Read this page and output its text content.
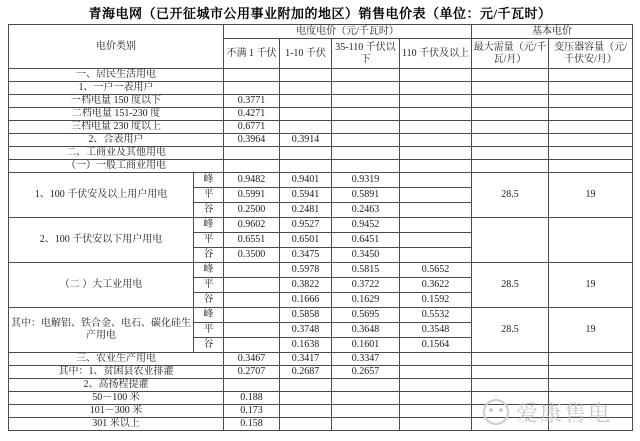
青海电网（已开征城市公用事业附加的地区）销售电价表（单位：元/千瓦时）
电价类别		电度电价（元/千瓦时）				基本电价	
		不满 1 千伏	1-10 千伏	35-110 千伏以下	110 千伏及以上	最大需量（元/千瓦/月）	变压器容量（元/千伏安/月）
一、居民生活用电							
1、一户一表用户							
一档电量 150 度以下		0.3771					
二档电量 151-230 度		0.4271					
三档电量 230 度以上		0.6771					
2、合表用户		0.3964	0.3914				
二、工商业及其他用电							
（一）一般工商业用电							
1、100 千伏安及以上用户用电	峰	0.9482	0.9401	0.9319		28.5	19
	平	0.5991	0.5941	0.5891			
	谷	0.2500	0.2481	0.2463			
2、100 千伏安以下用户用电	峰	0.9602	0.9527	0.9452			
	平	0.6551	0.6501	0.6451			
	谷	0.3500	0.3475	0.3450			
（二 ）大工业用电	峰		0.5978	0.5815	0.5652	28.5	19
	平		0.3822	0.3722	0.3622		
	谷		0.1666	0.1629	0.1592		
其中：电解铝、铁合金、电石、碳化硅生产用电	峰		0.5858	0.5695	0.5532	28.5	19
	平		0.3748	0.3648	0.3548		
	谷		0.1638	0.1601	0.1564		
三、农业生产用电		0.3467	0.3417	0.3347			
其中：1、贫困县农业排灌		0.2707	0.2687	0.2657			
2、高扬程提灌							
50－100 米		0.188					
101－300 米		0.173					
301 米以上		0.158						爱康售电
